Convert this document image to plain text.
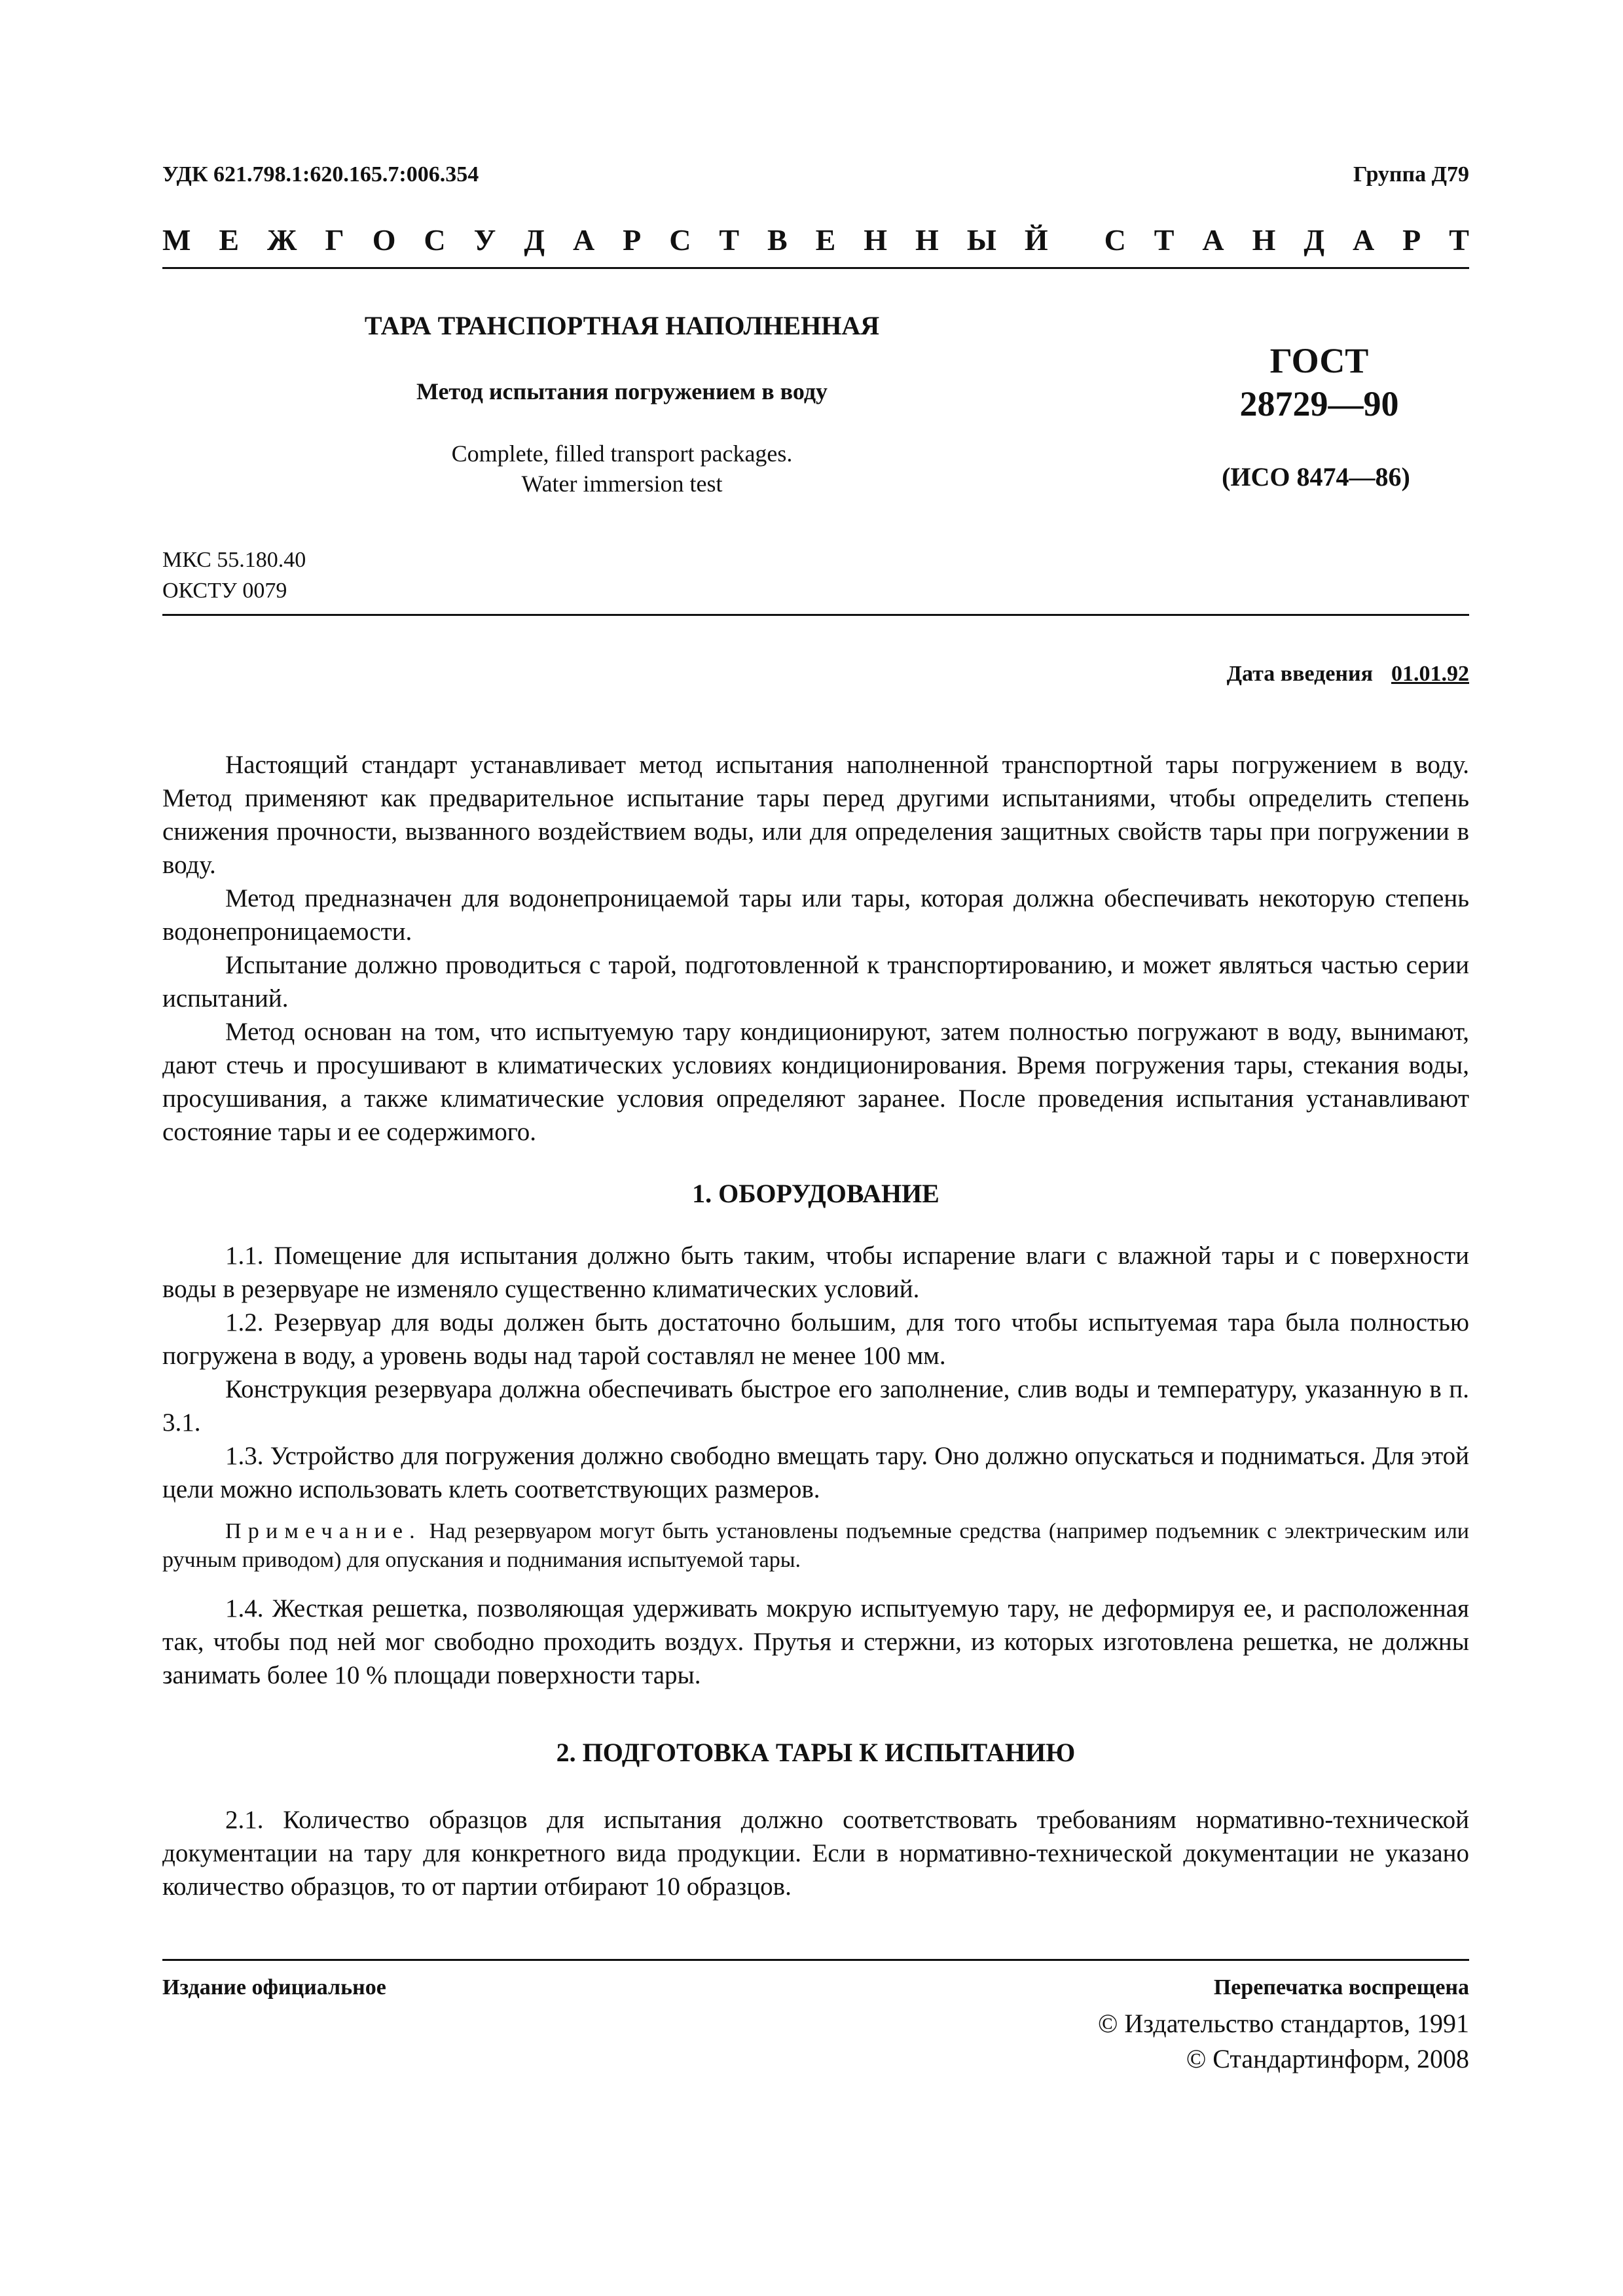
УДК 621.798.1:620.165.7:006.354	Группа Д79
М Е Ж Г О С У Д А Р С Т В Е Н Н Ы Й С Т А Н Д А Р Т
ТАРА ТРАНСПОРТНАЯ НАПОЛНЕННАЯ
Метод испытания погружением в воду
Complete, filled transport packages.
Water immersion test
ГОСТ
28729—90
(ИСО 8474—86)
МКС 55.180.40
ОКСТУ 0079
Дата введения 01.01.92

Настоящий стандарт устанавливает метод испытания наполненной транспортной тары погружением в воду. Метод применяют как предварительное испытание тары перед другими испытаниями, чтобы определить степень снижения прочности, вызванного воздействием воды, или для определения защитных свойств тары при погружении в воду.

Метод предназначен для водонепроницаемой тары или тары, которая должна обеспечивать некоторую степень водонепроницаемости.

Испытание должно проводиться с тарой, подготовленной к транспортированию, и может являться частью серии испытаний.

Метод основан на том, что испытуемую тару кондиционируют, затем полностью погружают в воду, вынимают, дают стечь и просушивают в климатических условиях кондиционирования. Время погружения тары, стекания воды, просушивания, а также климатические условия определяют заранее. После проведения испытания устанавливают состояние тары и ее содержимого.

1. ОБОРУДОВАНИЕ

1.1. Помещение для испытания должно быть таким, чтобы испарение влаги с влажной тары и с поверхности воды в резервуаре не изменяло существенно климатических условий.

1.2. Резервуар для воды должен быть достаточно большим, для того чтобы испытуемая тара была полностью погружена в воду, а уровень воды над тарой составлял не менее 100 мм.

Конструкция резервуара должна обеспечивать быстрое его заполнение, слив воды и температуру, указанную в п. 3.1.

1.3. Устройство для погружения должно свободно вмещать тару. Оно должно опускаться и подниматься. Для этой цели можно использовать клеть соответствующих размеров.

Примечание. Над резервуаром могут быть установлены подъемные средства (например подъемник с электрическим или ручным приводом) для опускания и поднимания испытуемой тары.

1.4. Жесткая решетка, позволяющая удерживать мокрую испытуемую тару, не деформируя ее, и расположенная так, чтобы под ней мог свободно проходить воздух. Прутья и стержни, из которых изготовлена решетка, не должны занимать более 10 % площади поверхности тары.

2. ПОДГОТОВКА ТАРЫ К ИСПЫТАНИЮ

2.1. Количество образцов для испытания должно соответствовать требованиям нормативно-технической документации на тару для конкретного вида продукции. Если в нормативно-технической документации не указано количество образцов, то от партии отбирают 10 образцов.

Издание официальное	Перепечатка воспрещена
© Издательство стандартов, 1991
© Стандартинформ, 2008
